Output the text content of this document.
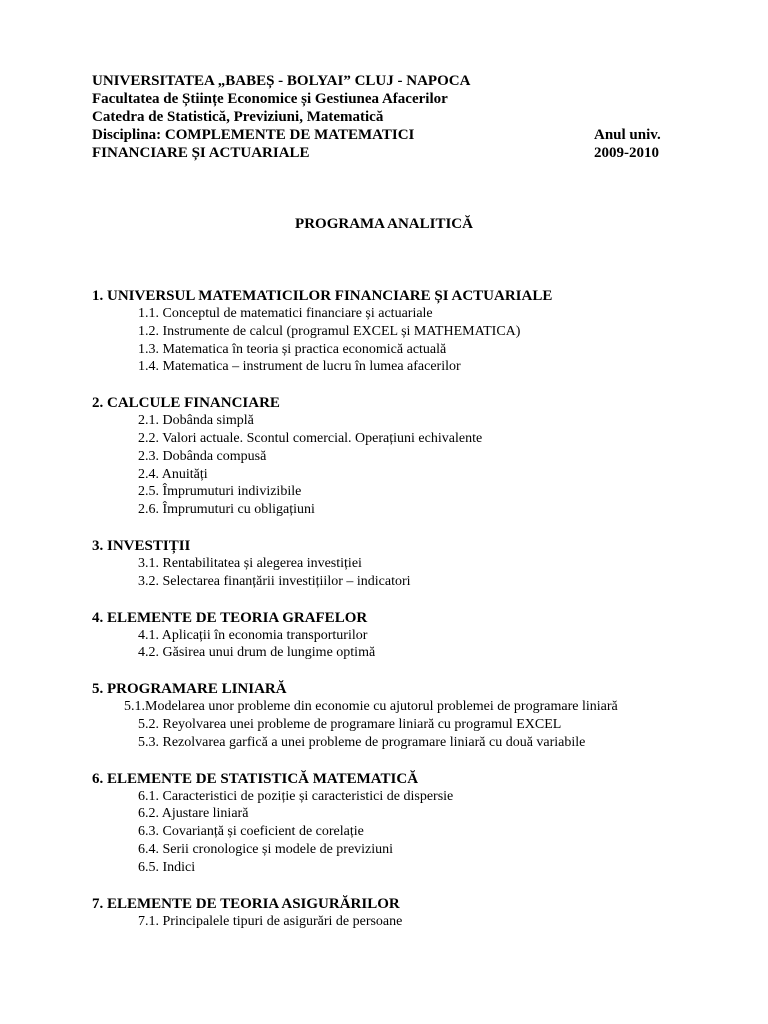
UNIVERSITATEA „BABEȘ - BOLYAI” CLUJ - NAPOCA
Facultatea de Științe Economice și Gestiunea Afacerilor
Catedra de Statistică, Previziuni, Matematică
Disciplina: COMPLEMENTE DE MATEMATICI	Anul univ.
FINANCIARE ȘI ACTUARIALE	2009-2010
PROGRAMA ANALITICĂ
1. UNIVERSUL MATEMATICILOR FINANCIARE ȘI ACTUARIALE
1.1. Conceptul de matematici financiare și actuariale
1.2. Instrumente de calcul (programul EXCEL și MATHEMATICA)
1.3. Matematica în teoria și practica economică actuală
1.4. Matematica – instrument de lucru în lumea afacerilor
2. CALCULE FINANCIARE
2.1. Dobânda simplă
2.2. Valori actuale. Scontul comercial. Operațiuni echivalente
2.3. Dobânda compusă
2.4. Anuități
2.5. Împrumuturi indivizibile
2.6. Împrumuturi cu obligațiuni
3. INVESTIȚII
3.1. Rentabilitatea și alegerea investiției
3.2. Selectarea finanțării investițiilor – indicatori
4. ELEMENTE DE TEORIA GRAFELOR
4.1. Aplicații în economia transporturilor
4.2. Găsirea unui drum de lungime optimă
5. PROGRAMARE LINIARĂ
5.1.Modelarea unor probleme din economie cu ajutorul problemei de programare liniară
5.2. Reyolvarea unei probleme de programare liniară cu programul EXCEL
5.3. Rezolvarea garfică a unei probleme de programare liniară cu două variabile
6. ELEMENTE DE STATISTICĂ MATEMATICĂ
6.1. Caracteristici de poziție și caracteristici de dispersie
6.2. Ajustare liniară
6.3. Covarianță și coeficient de corelație
6.4. Serii cronologice și modele de previziuni
6.5. Indici
7. ELEMENTE DE TEORIA ASIGURĂRILOR
7.1. Principalele tipuri de asigurări de persoane
